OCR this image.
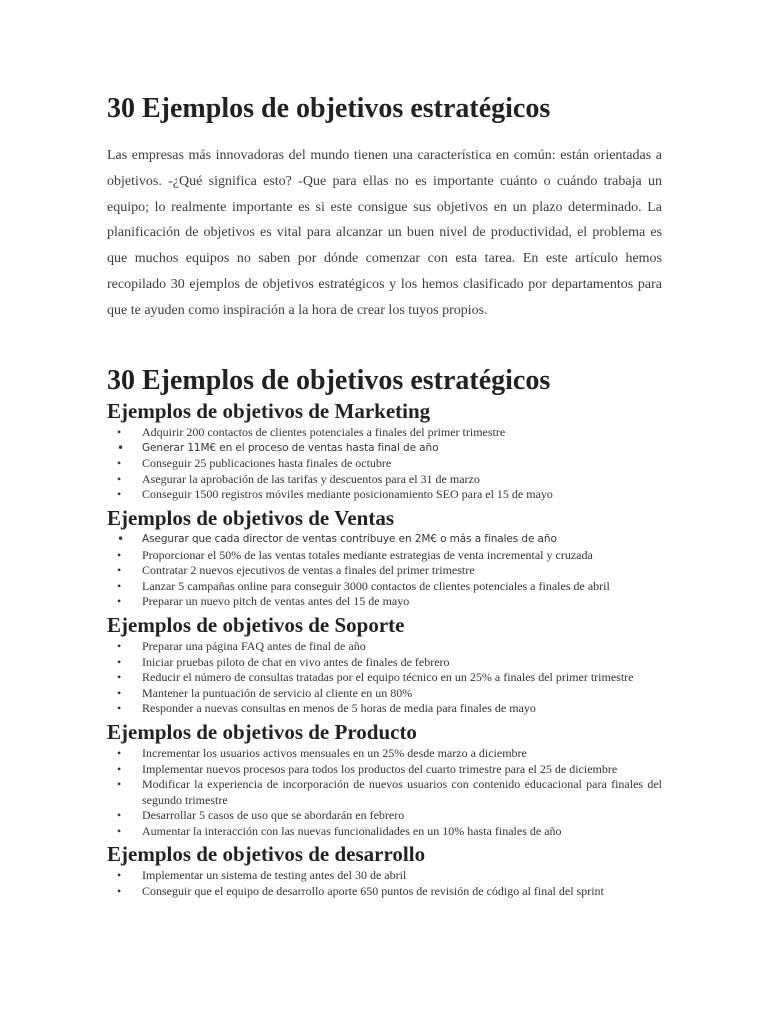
30 Ejemplos de objetivos estratégicos

Las empresas más innovadoras del mundo tienen una característica en común: están orientadas a objetivos. -¿Qué significa esto? -Que para ellas no es importante cuánto o cuándo trabaja un equipo; lo realmente importante es si este consigue sus objetivos en un plazo determinado. La planificación de objetivos es vital para alcanzar un buen nivel de productividad, el problema es que muchos equipos no saben por dónde comenzar con esta tarea. En este artículo hemos recopilado 30 ejemplos de objetivos estratégicos y los hemos clasificado por departamentos para que te ayuden como inspiración a la hora de crear los tuyos propios.

30 Ejemplos de objetivos estratégicos
Ejemplos de objetivos de Marketing
• Adquirir 200 contactos de clientes potenciales a finales del primer trimestre
• Generar 11M€ en el proceso de ventas hasta final de año
• Conseguir 25 publicaciones hasta finales de octubre
• Asegurar la aprobación de las tarifas y descuentos para el 31 de marzo
• Conseguir 1500 registros móviles mediante posicionamiento SEO para el 15 de mayo
Ejemplos de objetivos de Ventas
• Asegurar que cada director de ventas contribuye en 2M€ o más a finales de año
• Proporcionar el 50% de las ventas totales mediante estrategias de venta incremental y cruzada
• Contratar 2 nuevos ejecutivos de ventas a finales del primer trimestre
• Lanzar 5 campañas online para conseguir 3000 contactos de clientes potenciales a finales de abril
• Preparar un nuevo pitch de ventas antes del 15 de mayo
Ejemplos de objetivos de Soporte
• Preparar una página FAQ antes de final de año
• Iniciar pruebas piloto de chat en vivo antes de finales de febrero
• Reducir el número de consultas tratadas por el equipo técnico en un 25% a finales del primer trimestre
• Mantener la puntuación de servicio al cliente en un 80%
• Responder a nuevas consultas en menos de 5 horas de media para finales de mayo
Ejemplos de objetivos de Producto
• Incrementar los usuarios activos mensuales en un 25% desde marzo a diciembre
• Implementar nuevos procesos para todos los productos del cuarto trimestre para el 25 de diciembre
• Modificar la experiencia de incorporación de nuevos usuarios con contenido educacional para finales del segundo trimestre
• Desarrollar 5 casos de uso que se abordarán en febrero
• Aumentar la interacción con las nuevas funcionalidades en un 10% hasta finales de año
Ejemplos de objetivos de desarrollo
• Implementar un sistema de testing antes del 30 de abril
• Conseguir que el equipo de desarrollo aporte 650 puntos de revisión de código al final del sprint
